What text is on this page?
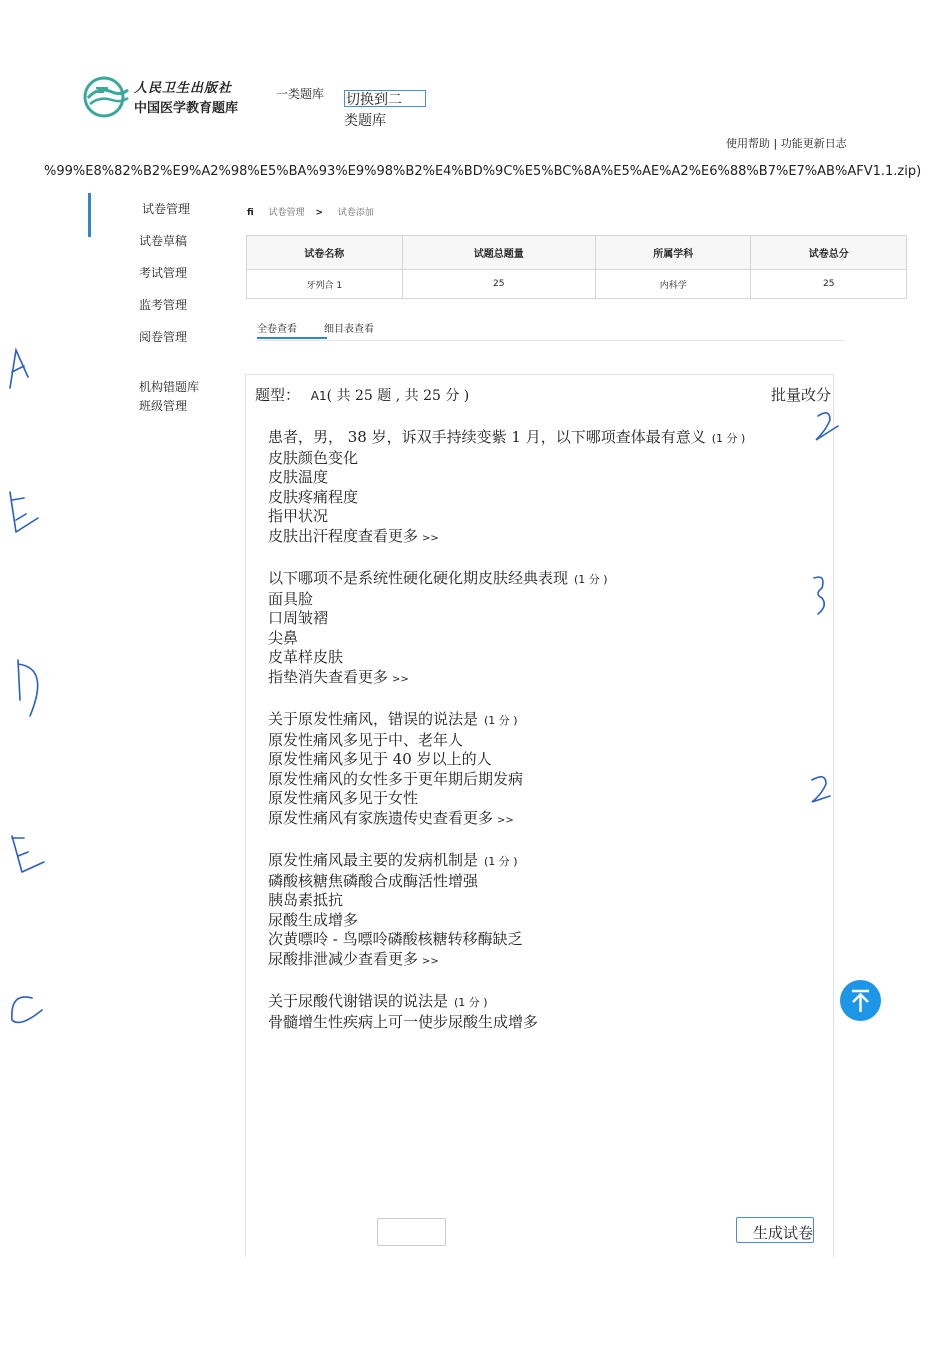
人民卫生出版社
中国医学教育题库
一类题库 切换到二
类题库
使用帮助 | 功能更新日志
%99%E8%82%B2%E9%A2%98%E5%BA%93%E9%98%B2%E4%BD%9C%E5%BC%8A%E5%AE%A2%E6%88%B7%E7%AB%AFV1.1.zip)
试卷管理
试卷草稿
考试管理
监考管理
阅卷管理
机构错题库
班级管理
fi 试卷管理 > 试卷添加
试卷名称	试题总题量	所属学科	试卷总分
牙列合 1	25	内科学	25
全卷查看	细目表查看
题型： A1( 共 25 题 , 共 25 分 )	批量改分
患者，男， 38 岁，诉双手持续变紫 1 月，以下哪项查体最有意义 (1 分 )
皮肤颜色变化
皮肤温度
皮肤疼痛程度
指甲状况
皮肤出汗程度查看更多 >>
以下哪项不是系统性硬化硬化期皮肤经典表现 (1 分 )
面具脸
口周皱褶
尖鼻
皮革样皮肤
指垫消失查看更多 >>
关于原发性痛风，错误的说法是 (1 分 )
原发性痛风多见于中、老年人
原发性痛风多见于 40 岁以上的人
原发性痛风的女性多于更年期后期发病
原发性痛风多见于女性
原发性痛风有家族遗传史查看更多 >>
原发性痛风最主要的发病机制是 (1 分 )
磷酸核糖焦磷酸合成酶活性增强
胰岛素抵抗
尿酸生成增多
次黄嘌呤 - 鸟嘌呤磷酸核糖转移酶缺乏
尿酸排泄减少查看更多 >>
关于尿酸代谢错误的说法是 (1 分 )
骨髓增生性疾病上可一使步尿酸生成增多
生成试卷
